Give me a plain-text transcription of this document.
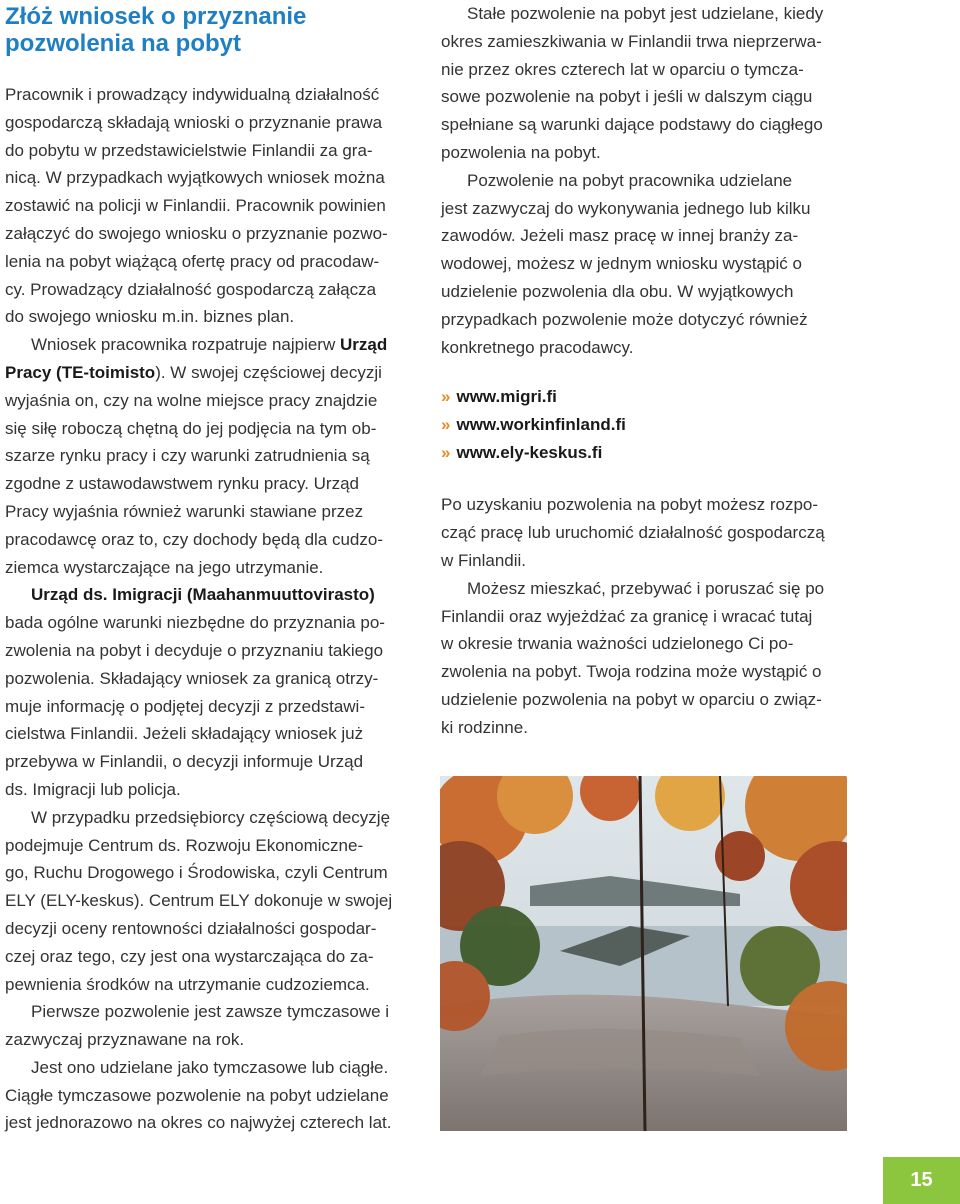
Złóż wniosek o przyznanie
pozwolenia na pobyt

Pracownik i prowadzący indywidualną działalność
gospodarczą składają wnioski o przyznanie prawa
do pobytu w przedstawicielstwie Finlandii za gra-
nicą. W przypadkach wyjątkowych wniosek można
zostawić na policji w Finlandii. Pracownik powinien
załączyć do swojego wniosku o przyznanie pozwo-
lenia na pobyt wiążącą ofertę pracy od pracodaw-
cy. Prowadzący działalność gospodarczą załącza
do swojego wniosku m.in. biznes plan.

Wniosek pracownika rozpatruje najpierw Urząd
Pracy (TE-toimisto). W swojej częściowej decyzji
wyjaśnia on, czy na wolne miejsce pracy znajdzie
się siłę roboczą chętną do jej podjęcia na tym ob-
szarze rynku pracy i czy warunki zatrudnienia są
zgodne z ustawodawstwem rynku pracy. Urząd
Pracy wyjaśnia również warunki stawiane przez
pracodawcę oraz to, czy dochody będą dla cudzo-
ziemca wystarczające na jego utrzymanie.

Urząd ds. Imigracji (Maahanmuuttovirasto)
bada ogólne warunki niezbędne do przyznania po-
zwolenia na pobyt i decyduje o przyznaniu takiego
pozwolenia. Składający wniosek za granicą otrzy-
muje informację o podjętej decyzji z przedstawi-
cielstwa Finlandii. Jeżeli składający wniosek już
przebywa w Finlandii, o decyzji informuje Urząd
ds. Imigracji lub policja.

W przypadku przedsiębiorcy częściową decyzję
podejmuje Centrum ds. Rozwoju Ekonomiczne-
go, Ruchu Drogowego i Środowiska, czyli Centrum
ELY (ELY-keskus). Centrum ELY dokonuje w swojej
decyzji oceny rentowności działalności gospodar-
czej oraz tego, czy jest ona wystarczająca do za-
pewnienia środków na utrzymanie cudzoziemca.

Pierwsze pozwolenie jest zawsze tymczasowe i
zazwyczaj przyznawane na rok.

Jest ono udzielane jako tymczasowe lub ciągłe.
Ciągłe tymczasowe pozwolenie na pobyt udzielane
jest jednorazowo na okres co najwyżej czterech lat.

Stałe pozwolenie na pobyt jest udzielane, kiedy
okres zamieszkiwania w Finlandii trwa nieprzerwa-
nie przez okres czterech lat w oparciu o tymcza-
sowe pozwolenie na pobyt i jeśli w dalszym ciągu
spełniane są warunki dające podstawy do ciągłego
pozwolenia na pobyt.

Pozwolenie na pobyt pracownika udzielane
jest zazwyczaj do wykonywania jednego lub kilku
zawodów. Jeżeli masz pracę w innej branży za-
wodowej, możesz w jednym wniosku wystąpić o
udzielenie pozwolenia dla obu. W wyjątkowych
przypadkach pozwolenie może dotyczyć również
konkretnego pracodawcy.

» www.migri.fi
» www.workinfinland.fi
» www.ely-keskus.fi

Po uzyskaniu pozwolenia na pobyt możesz rozpo-
cząć pracę lub uruchomić działalność gospodarczą
w Finlandii.

Możesz mieszkać, przebywać i poruszać się po
Finlandii oraz wyjeżdżać za granicę i wracać tutaj
w okresie trwania ważności udzielonego Ci po-
zwolenia na pobyt. Twoja rodzina może wystąpić o
udzielenie pozwolenia na pobyt w oparciu o związ-
ki rodzinne.

15
